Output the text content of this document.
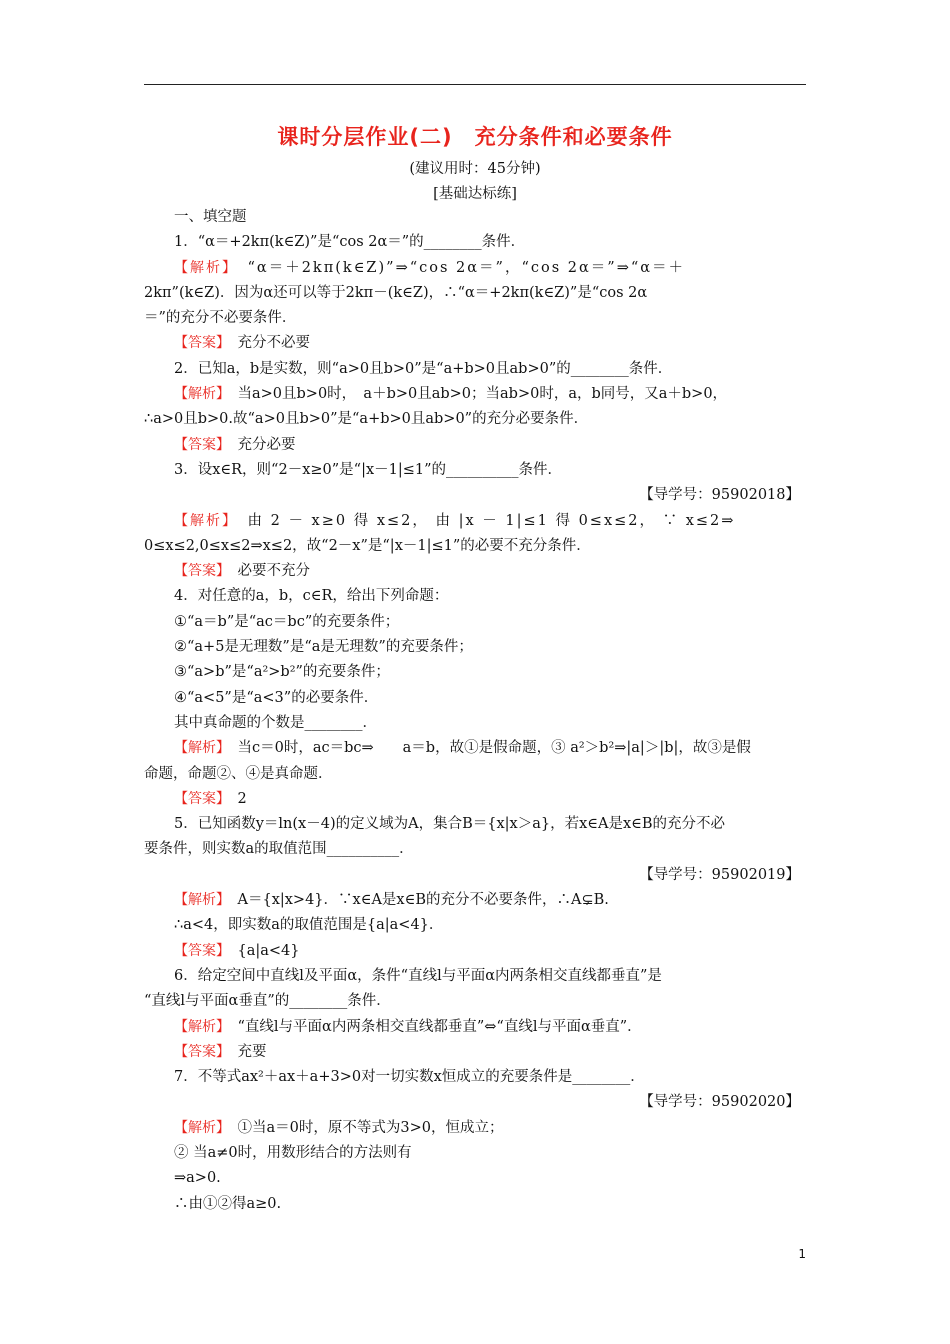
课时分层作业(二)　充分条件和必要条件
(建议用时：45分钟)
[基础达标练]
一、填空题
1．“α＝+2kπ(k∈Z)”是“cos 2α＝”的________条件．
【解析】　“α＝＋2kπ(k∈Z)”⇒“cos 2α＝”，“cos 2α＝”⇒“α＝＋
2kπ”(k∈Z)．因为α还可以等于2kπ－(k∈Z)，∴“α＝+2kπ(k∈Z)”是“cos 2α
＝”的充分不必要条件．
【答案】　充分不必要
2．已知a，b是实数，则“a>0且b>0”是“a+b>0且ab>0”的________条件．
【解析】　当a>0且b>0时，　a＋b>0且ab>0；当ab>0时，a，b同号，又a＋b>0，
∴a>0且b>0.故“a>0且b>0”是“a+b>0且ab>0”的充分必要条件．
【答案】　充分必要
3．设x∈R，则“2－x≥0”是“|x－1|≤1”的__________条件．
【导学号：95902018】
【解析】　由 2 － x≥0 得 x≤2， 由 |x － 1|≤1 得 0≤x≤2， ∵ x≤2⇒
0≤x≤2,0≤x≤2⇒x≤2，故“2－x”是“|x－1|≤1”的必要不充分条件．
【答案】　必要不充分
4．对任意的a，b，c∈R，给出下列命题：
①“a＝b”是“ac＝bc”的充要条件；
②“a+5是无理数”是“a是无理数”的充要条件；
③“a>b”是“a²>b²”的充要条件；
④“a<5”是“a<3”的必要条件．
其中真命题的个数是________．
【解析】　当c＝0时，ac＝bc⇒　　a＝b，故①是假命题，③ a²＞b²⇒|a|＞|b|，故③是假
命题，命题②、④是真命题．
【答案】　2
5．已知函数y＝ln(x－4)的定义域为A，集合B＝{x|x＞a}，若x∈A是x∈B的充分不必
要条件，则实数a的取值范围__________．
【导学号：95902019】
【解析】　A＝{x|x>4}．∵x∈A是x∈B的充分不必要条件，∴A⊊B.
∴a<4，即实数a的取值范围是{a|a<4}．
【答案】　{a|a<4}
6．给定空间中直线l及平面α，条件“直线l与平面α内两条相交直线都垂直”是
“直线l与平面α垂直”的________条件．
【解析】　“直线l与平面α内两条相交直线都垂直”⇔“直线l与平面α垂直”．
【答案】　充要
7．不等式ax²＋ax＋a+3>0对一切实数x恒成立的充要条件是________．
【导学号：95902020】
【解析】　①当a＝0时，原不等式为3>0，恒成立；
② 当a≠0时，用数形结合的方法则有
⇒a>0.
∴由①②得a≥0.
1
